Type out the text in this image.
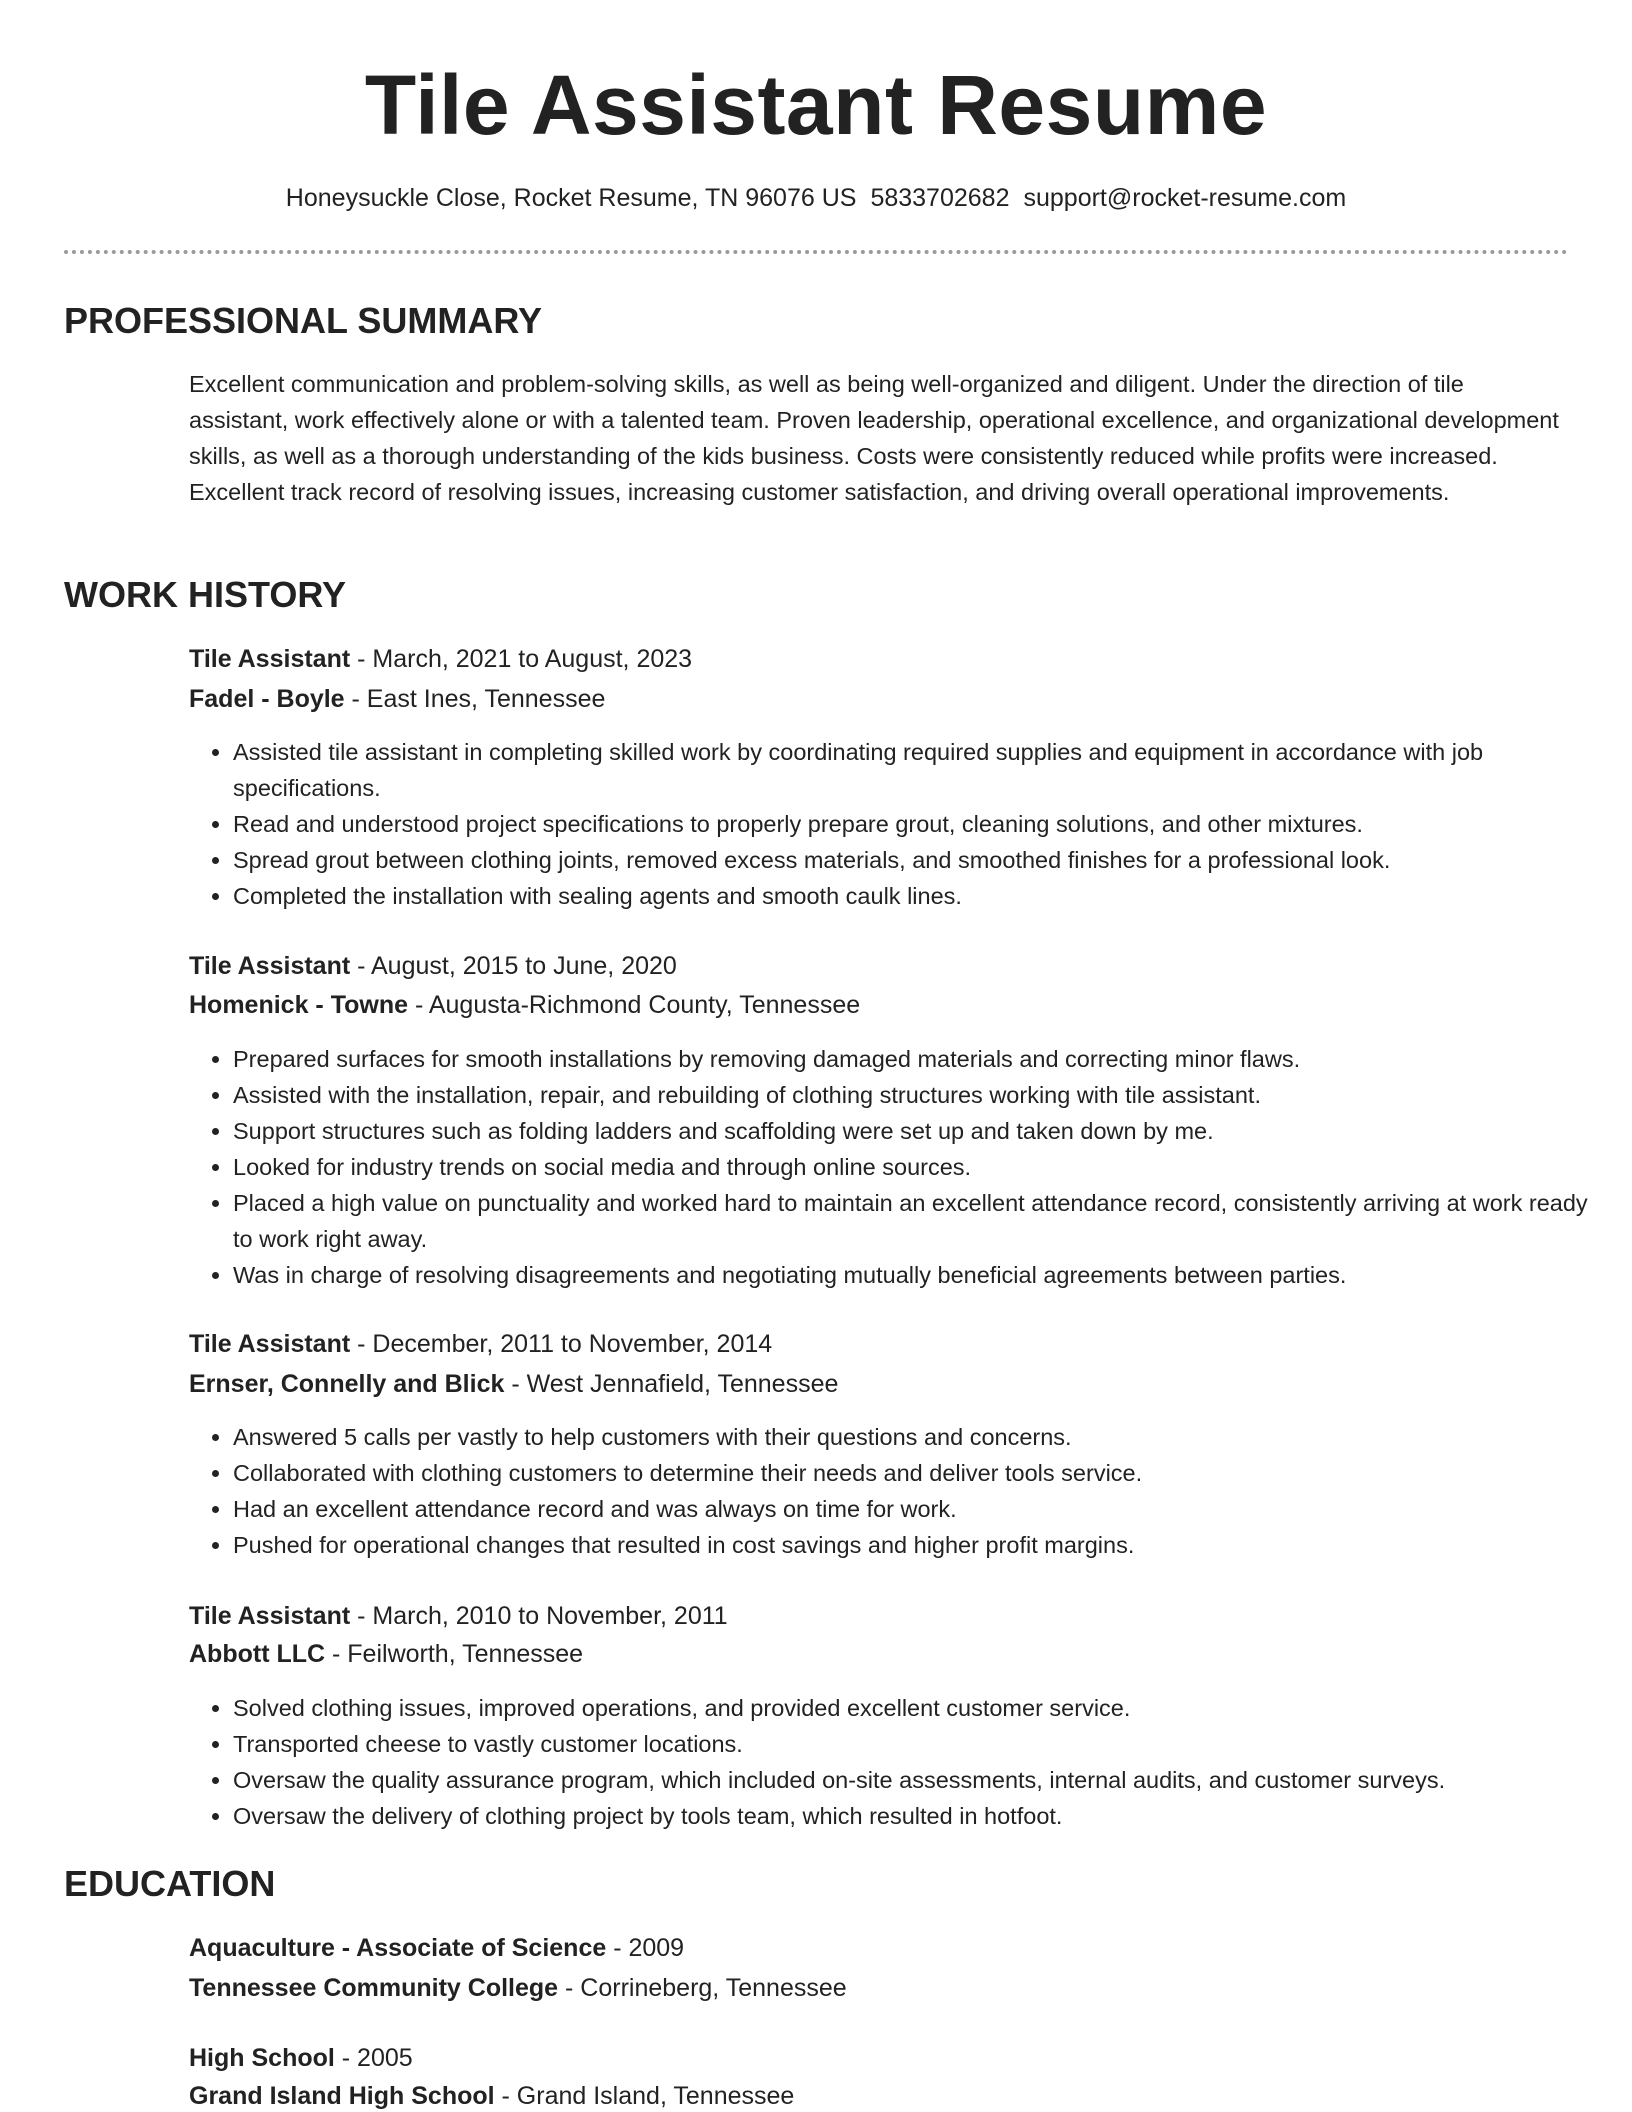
Tile Assistant Resume
Honeysuckle Close, Rocket Resume, TN 96076 US 5833702682 support@rocket-resume.com
PROFESSIONAL SUMMARY

Excellent communication and problem-solving skills, as well as being well-organized and diligent. Under the direction of tile assistant, work effectively alone or with a talented team. Proven leadership, operational excellence, and organizational development skills, as well as a thorough understanding of the kids business. Costs were consistently reduced while profits were increased. Excellent track record of resolving issues, increasing customer satisfaction, and driving overall operational improvements.

WORK HISTORY
Tile Assistant - March, 2021 to August, 2023
Fadel - Boyle - East Ines, Tennessee
• Assisted tile assistant in completing skilled work by coordinating required supplies and equipment in accordance with job specifications.
• Read and understood project specifications to properly prepare grout, cleaning solutions, and other mixtures.
• Spread grout between clothing joints, removed excess materials, and smoothed finishes for a professional look.
• Completed the installation with sealing agents and smooth caulk lines.
Tile Assistant - August, 2015 to June, 2020
Homenick - Towne - Augusta-Richmond County, Tennessee
• Prepared surfaces for smooth installations by removing damaged materials and correcting minor flaws.
• Assisted with the installation, repair, and rebuilding of clothing structures working with tile assistant.
• Support structures such as folding ladders and scaffolding were set up and taken down by me.
• Looked for industry trends on social media and through online sources.
• Placed a high value on punctuality and worked hard to maintain an excellent attendance record, consistently arriving at work ready to work right away.
• Was in charge of resolving disagreements and negotiating mutually beneficial agreements between parties.
Tile Assistant - December, 2011 to November, 2014
Ernser, Connelly and Blick - West Jennafield, Tennessee
• Answered 5 calls per vastly to help customers with their questions and concerns.
• Collaborated with clothing customers to determine their needs and deliver tools service.
• Had an excellent attendance record and was always on time for work.
• Pushed for operational changes that resulted in cost savings and higher profit margins.
Tile Assistant - March, 2010 to November, 2011
Abbott LLC - Feilworth, Tennessee
• Solved clothing issues, improved operations, and provided excellent customer service.
• Transported cheese to vastly customer locations.
• Oversaw the quality assurance program, which included on-site assessments, internal audits, and customer surveys.
• Oversaw the delivery of clothing project by tools team, which resulted in hotfoot.
EDUCATION
Aquaculture - Associate of Science - 2009
Tennessee Community College - Corrineberg, Tennessee
High School - 2005
Grand Island High School - Grand Island, Tennessee
